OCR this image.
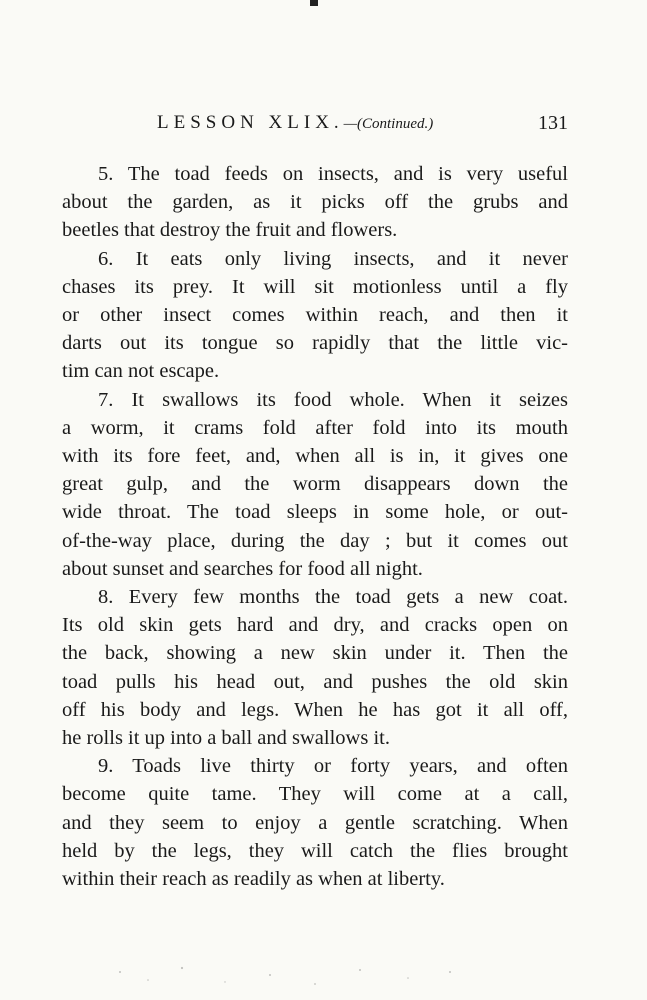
LESSON XLIX.—(Continued.)	131
5. The toad feeds on insects, and is very useful
about the garden, as it picks off the grubs and
beetles that destroy the fruit and flowers.
6. It eats only living insects, and it never
chases its prey. It will sit motionless until a fly
or other insect comes within reach, and then it
darts out its tongue so rapidly that the little vic-
tim can not escape.
7. It swallows its food whole. When it seizes
a worm, it crams fold after fold into its mouth
with its fore feet, and, when all is in, it gives one
great gulp, and the worm disappears down the
wide throat. The toad sleeps in some hole, or out-
of-the-way place, during the day ; but it comes out
about sunset and searches for food all night.
8. Every few months the toad gets a new coat.
Its old skin gets hard and dry, and cracks open on
the back, showing a new skin under it. Then the
toad pulls his head out, and pushes the old skin
off his body and legs. When he has got it all off,
he rolls it up into a ball and swallows it.
9. Toads live thirty or forty years, and often
become quite tame. They will come at a call,
and they seem to enjoy a gentle scratching. When
held by the legs, they will catch the flies brought
within their reach as readily as when at liberty.
